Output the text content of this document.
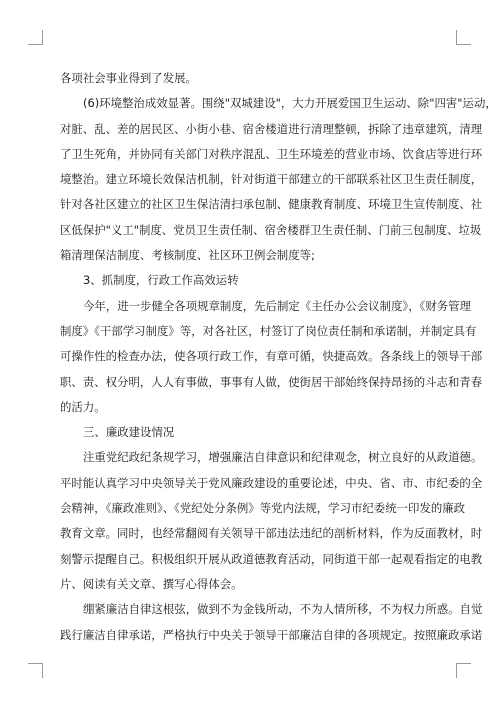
各项社会事业得到了发展。
(6)环境整治成效显著。围绕"双城建设"，大力开展爱国卫生运动、除"四害"运动，
对脏、乱、差的居民区、小街小巷、宿舍楼道进行清理整顿，拆除了违章建筑，清理
了卫生死角，并协同有关部门对秩序混乱、卫生环境差的营业市场、饮食店等进行环
境整治。建立环境长效保洁机制，针对街道干部建立的干部联系社区卫生责任制度，
针对各社区建立的社区卫生保洁清扫承包制、健康教育制度、环境卫生宣传制度、社
区低保护"义工"制度、党员卫生责任制、宿舍楼群卫生责任制、门前三包制度、垃圾
箱清理保洁制度、考核制度、社区环卫例会制度等;
3、抓制度，行政工作高效运转
今年，进一步健全各项规章制度，先后制定《主任办公会议制度》，《财务管理
制度》《干部学习制度》等，对各社区，村签订了岗位责任制和承诺制，并制定具有
可操作性的检查办法，使各项行政工作，有章可循，快捷高效。各条线上的领导干部
职、责、权分明，人人有事做，事事有人做，使街居干部始终保持昂扬的斗志和青春
的活力。
三、廉政建设情况
注重党纪政纪条规学习，增强廉洁自律意识和纪律观念，树立良好的从政道德。
平时能认真学习中央领导关于党风廉政建设的重要论述，中央、省、市、市纪委的全
会精神，《廉政准则》、《党纪处分条例》等党内法规，学习市纪委统一印发的廉政
教育文章。同时，也经常翻阅有关领导干部违法违纪的剖析材料，作为反面教材，时
刻警示提醒自己。积极组织开展从政道德教育活动，同街道干部一起观看指定的电教
片、阅读有关文章、撰写心得体会。
绷紧廉洁自律这根弦，做到不为金钱所动，不为人情所移，不为权力所惑。自觉
践行廉洁自律承诺，严格执行中央关于领导干部廉洁自律的各项规定。按照廉政承诺
